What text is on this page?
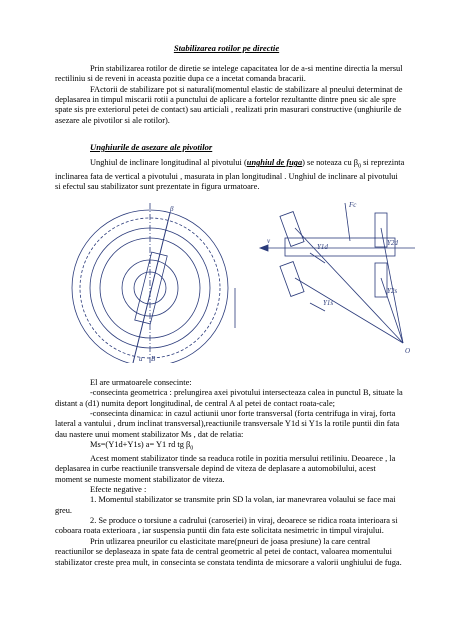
Stabilizarea rotilor pe directie

Prin stabilizarea rotilor de diretie se intelege capacitatea lor de a-si mentine directia la mersul rectiliniu si de reveni in aceasta pozitie dupa ce a incetat comanda bracarii.

FActorii de stabilizare pot si naturali(momentul elastic de stabilizare al pneului determinat de deplasarea in timpul miscarii rotii a punctului de aplicare a fortelor rezultantte dintre pneu sic ale spre spate sis pre exteriorul petei de contact) sau articiali , realizati prin masurari constructive (unghiurile de asezare ale pivotilor si ale rotilor).

Unghiurile de asezare ale pivotilor

Unghiul de inclinare longitudinal al pivotului (unghiul de fuga) se noteaza cu $\beta_0$ si reprezinta inclinarea fata de vertical a pivotului , masurata in plan longitudinal . Unghiul de inclinare al pivotului si efectul sau stabilizator sunt prezentate in figura urmatoare.

β
v
Fc
Y1d	Y2d
Y1s
Y2s
O
a B

El are urmatoarele consecinte:

-consecinta geometrica : prelungirea axei pivotului intersecteaza calea in punctul B, situate la distant a (d1) numita deport longitudinal, de central A al petei de contact roata-cale;

-consecinta dinamica: in cazul actiunii unor forte transversal (forta centrifuga in viraj, forta lateral a vantului , drum inclinat transversal),reactiunile transversale Y1d si Y1s la rotile puntii din fata dau nastere unui moment stabilizator Ms , dat de relatia:

Ms=(Y1d+Y1s) a= Y1 rd tg $\beta_0$

Acest moment stabilizator tinde sa readuca rotile in pozitia mersului retiliniu. Deoarece , la deplasarea in curbe reactiunile transversale depind de viteza de deplasare a automobilului, acest moment se numeste moment stabilizator de viteza.

Efecte negative :

1. Momentul stabilizator se transmite prin SD la volan, iar manevrarea volaului se face mai greu.

2. Se produce o torsiune a cadrului (caroseriei) in viraj, deoarece se ridica roata interioara si coboara roata exterioara , iar suspensia puntii din fata este solicitata nesimetric in timpul virajului.

Prin utlizarea pneurilor cu elasticitate mare(pneuri de joasa presiune) la care central reactiunilor se deplaseaza in spate fata de central geometric al petei de contact, valoarea momentului stabilizator creste prea mult, in consecinta se constata tendinta de micsorare a valorii unghiului de fuga.
